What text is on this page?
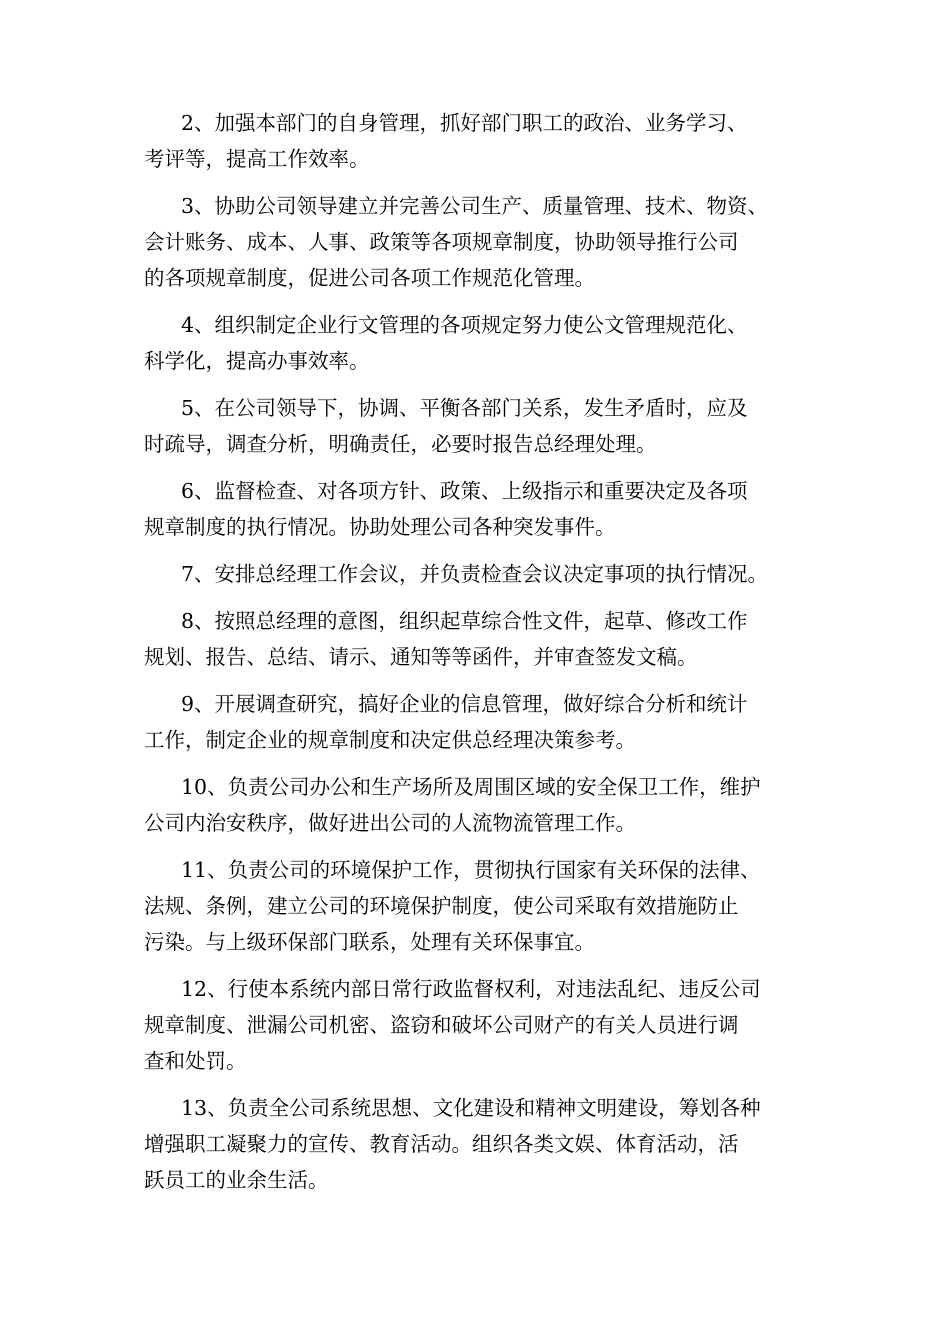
2、加强本部门的自身管理，抓好部门职工的政治、业务学习、
考评等，提高工作效率。

3、协助公司领导建立并完善公司生产、质量管理、技术、物资、
会计账务、成本、人事、政策等各项规章制度，协助领导推行公司
的各项规章制度，促进公司各项工作规范化管理。

4、组织制定企业行文管理的各项规定努力使公文管理规范化、
科学化，提高办事效率。

5、在公司领导下，协调、平衡各部门关系，发生矛盾时，应及
时疏导，调查分析，明确责任，必要时报告总经理处理。

6、监督检查、对各项方针、政策、上级指示和重要决定及各项
规章制度的执行情况。协助处理公司各种突发事件。

7、安排总经理工作会议，并负责检查会议决定事项的执行情况。

8、按照总经理的意图，组织起草综合性文件，起草、修改工作
规划、报告、总结、请示、通知等等函件，并审查签发文稿。

9、开展调查研究，搞好企业的信息管理，做好综合分析和统计
工作，制定企业的规章制度和决定供总经理决策参考。

10、负责公司办公和生产场所及周围区域的安全保卫工作，维护
公司内治安秩序，做好进出公司的人流物流管理工作。

11、负责公司的环境保护工作，贯彻执行国家有关环保的法律、
法规、条例，建立公司的环境保护制度，使公司采取有效措施防止
污染。与上级环保部门联系，处理有关环保事宜。

12、行使本系统内部日常行政监督权利，对违法乱纪、违反公司
规章制度、泄漏公司机密、盗窃和破坏公司财产的有关人员进行调
查和处罚。

13、负责全公司系统思想、文化建设和精神文明建设，筹划各种
增强职工凝聚力的宣传、教育活动。组织各类文娱、体育活动，活
跃员工的业余生活。
